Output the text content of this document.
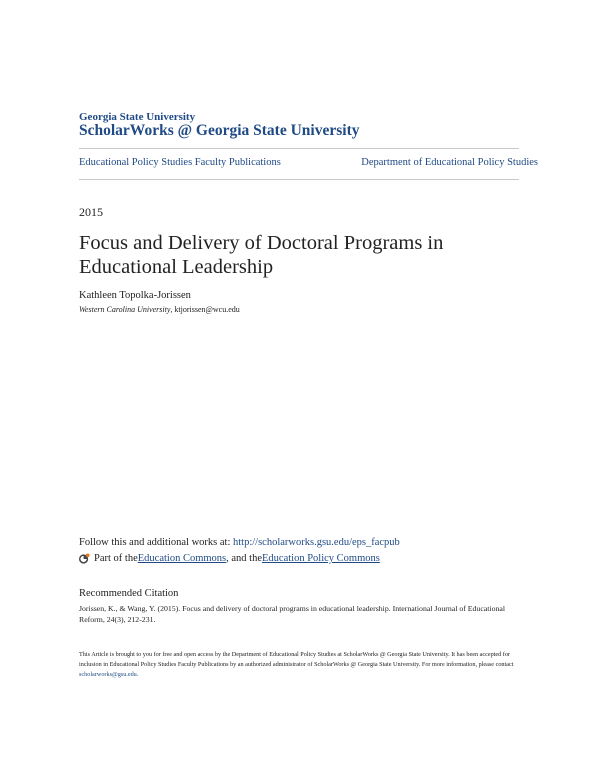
Georgia State University
ScholarWorks @ Georgia State University
Educational Policy Studies Faculty Publications	Department of Educational Policy Studies
2015
Focus and Delivery of Doctoral Programs in Educational Leadership
Kathleen Topolka-Jorissen
Western Carolina University, ktjorissen@wcu.edu
Follow this and additional works at: http://scholarworks.gsu.edu/eps_facpub
Part of the Education Commons , and the Education Policy Commons
Recommended Citation
Jorissen, K., & Wang, Y. (2015). Focus and delivery of doctoral programs in educational leadership. International Journal of Educational Reform, 24(3), 212-231.
This Article is brought to you for free and open access by the Department of Educational Policy Studies at ScholarWorks @ Georgia State University. It has been accepted for inclusion in Educational Policy Studies Faculty Publications by an authorized administrator of ScholarWorks @ Georgia State University. For more information, please contact scholarworks@gsu.edu.
